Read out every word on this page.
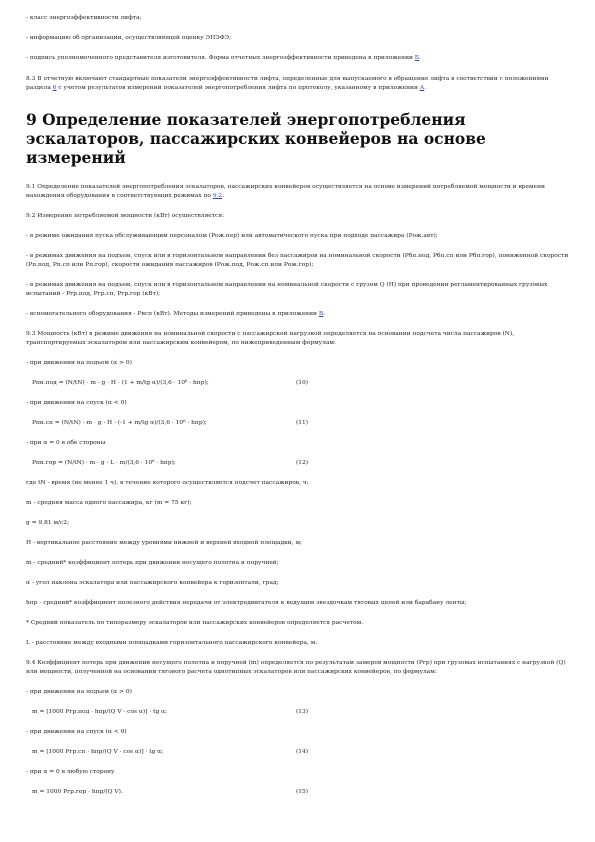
- класс энергоэффективности лифта;

- информацию об организации, осуществляющей оценку ЭПЭФЭ;

- подпись уполномоченного представителя изготовителя. Форма отчетных энергоэффективности приведена в приложении Б.

8.3 В отчетную включают стандартные показатели энергоэффективности лифта, определенные для выпускаемого в обращение лифта в соответствии с положениями раздела 6 с учетом результатов измерений показателей энергопотребления лифта по протоколу, указанному в приложении А.

9 Определение показателей энергопотребления эскалаторов, пассажирских конвейеров на основе измерений

9.1 Определение показателей энергопотребления эскалаторов, пассажирских конвейеров осуществляется на основе измерений потребляемой мощности и времени нахождения оборудования в соответствующих режимах по 9.2.

9.2 Измерение потребляемой мощности (кВт) осуществляется:

- в режиме ожидания пуска обслуживающим персоналом (Рож.пер) или автоматического пуска при подходе пассажира (Рож.авт);

- в режимах движения на подъем, спуск или в горизонтальном направлении без пассажиров на номинальной скорости (Рбп.под, Рбп.сп или Рбп.гор), пониженной скорости (Рп.под, Рп.сп или Рп.гор), скорости ожидания пассажиров (Рож.под, Рож.сп или Рож.гор);

- в режимах движения на подъем, спуск или в горизонтальном направлении на номинальной скорости с грузом Q (Н) при проведении регламентированных грузовых испытаний - Ргр.под, Ргр.сп, Ргр.гор (кВт);

- вспомогательного оборудования - Рвсп (кВт). Методы измерений приведены в приложении В.

9.3 Мощность (кВт) в режиме движения на номинальной скорости с пассажирской нагрузкой определяется на основании подсчета числа пассажиров (N), транспортируемых эскалатором или пассажирским конвейером, по нижеприведенным формулам:

- при движении на подъем (α > 0)

Рпн.под = (N/tN) · m · g · H · (1 + m/tg α)/(3,6 · 10⁶ · hпр);	(10)

- при движении на спуск (α < 0)

Рпн.сп = (N/tN) · m · g · H · (-1 + m/tg α)/(3,6 · 10⁶ · hпр);	(11)

- при α = 0 в обе стороны

Рпн.гор = (N/tN) · m · g · L · m/(3,6 · 10⁶ · hпр);	(12)

где tN - время (не менее 1 ч), в течение которого осуществляется подсчет пассажиров, ч;

m - средняя масса одного пассажира, кг (m = 75 кг);

g = 9,81 м/с2;

H - вертикальное расстояние между уровнями нижней и верхней входной площадки, м;

m - средний* коэффициент потерь при движении несущего полотна и поручней;

α - угол наклона эскалатора или пассажирского конвейера к горизонтали, град;

hпр - средний* коэффициент полезного действия передачи от электродвигателя к ведущим звездочкам тяговых цепей или барабану ленты;

* Средний показатель по типоразмеру эскалаторов или пассажирских конвейеров определяется расчетом.

L - расстояние между входными площадками горизонтального пассажирского конвейера, м.

9.4 Коэффициент потерь при движении несущего полотна и поручней (m) определяется по результатам замеров мощности (Ргр) при грузовых испытаниях с нагрузкой (Q) или мощности, полученной на основании тягового расчета однотипных эскалаторов или пассажирских конвейеров, по формулам:

- при движении на подъем (α > 0)

m = [1000 Ргр.под · hпр/(Q V · cos α)] · tg α;	(13)

- при движении на спуск (α < 0)

m = [1000 Ргр.сп · hпр/(Q V · cos α)] · tg α;	(14)

- при α = 0 в любую сторону

m = 1000 Ргр.гор · hпр/(Q V).	(15)
